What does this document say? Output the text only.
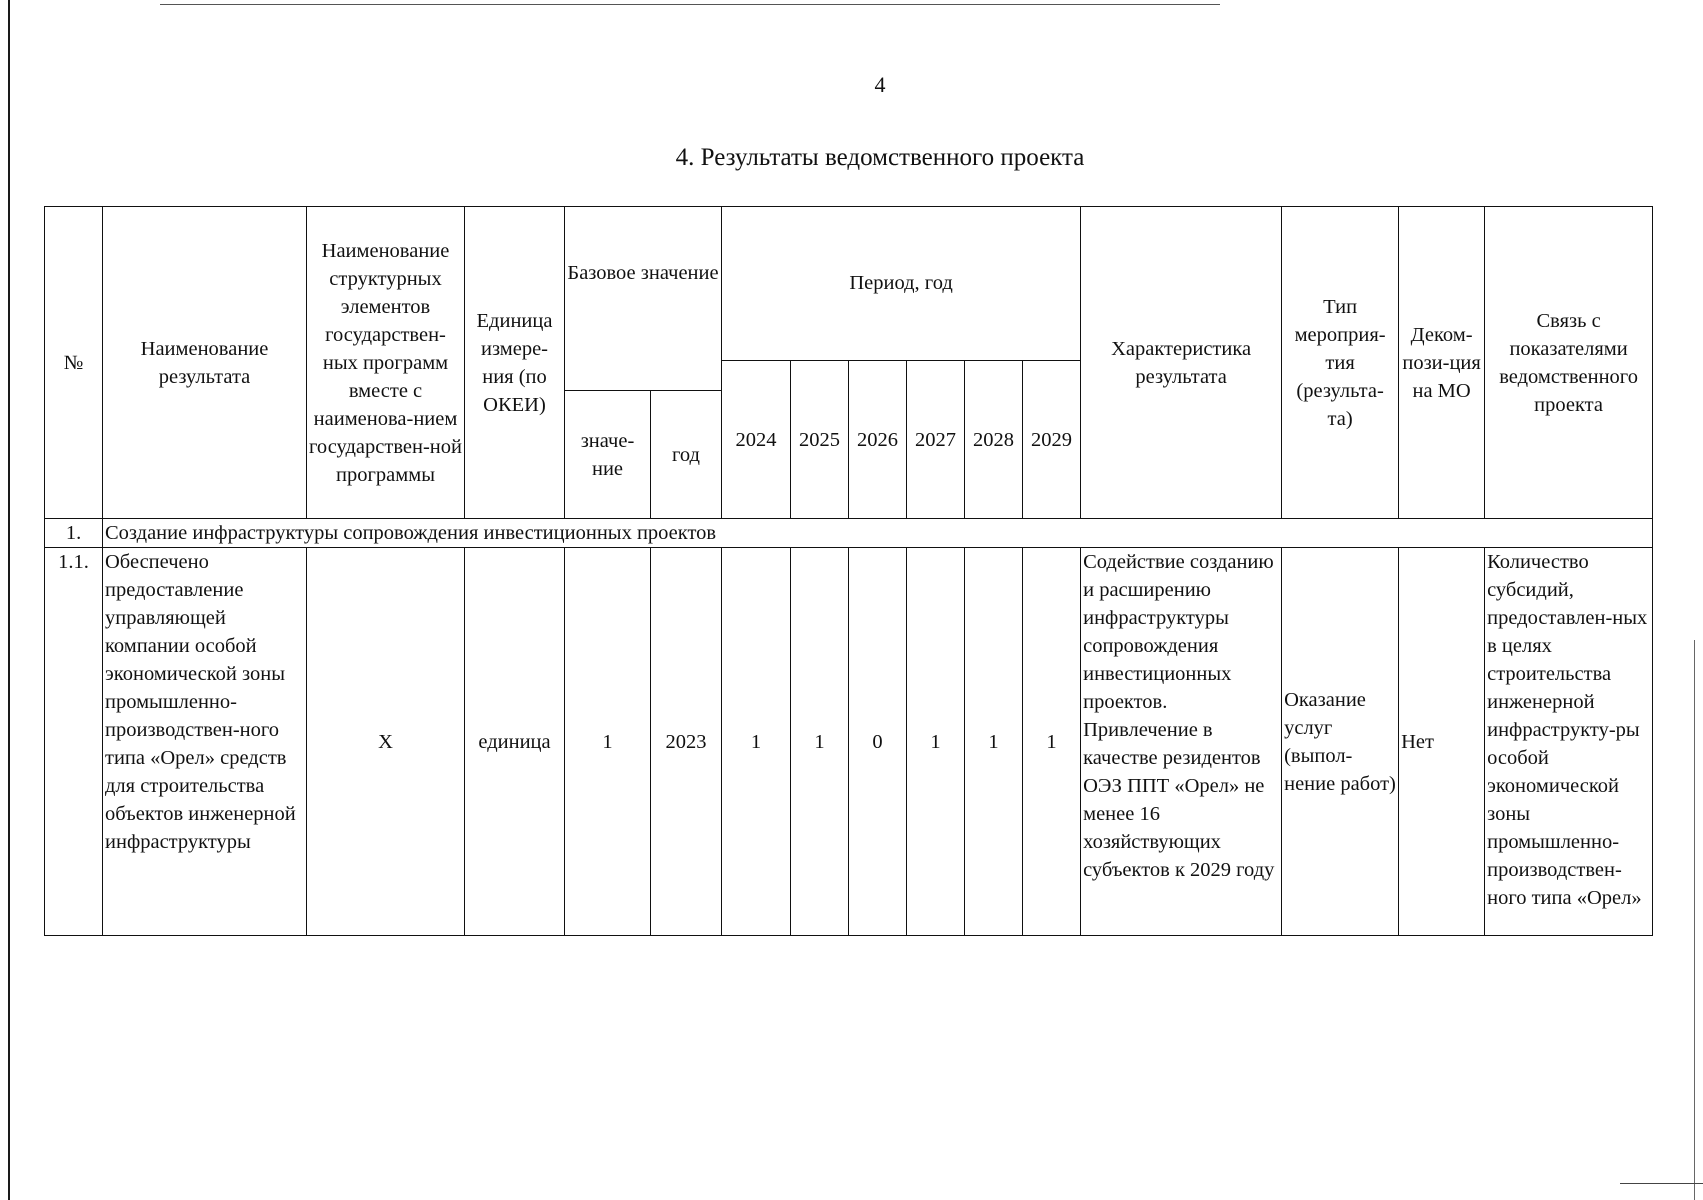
4
4. Результаты ведомственного проекта
№	Наименование результата	Наименование структурных элементов государствен-ных программ вместе с наименова-нием государствен-ной программы	Единица измере-ния (по ОКЕИ)	Базовое значение		Период, год						Характеристика результата	Тип мероприя-тия (результа-та)	Деком-пози-ция на МО	Связь с показателями ведомственного проекта
						2024	2025	2026	2027	2028	2029				
				значе-ние	год										
1.	Создание инфраструктуры сопровождения инвестиционных проектов														
1.1.	Обеспечено предоставление управляющей компании особой экономической зоны промышленно-производствен-ного типа «Орел» средств для строительства объектов инженерной инфраструктуры	X	единица	1	2023	1	1	0	1	1	1	Содействие созданию и расширению инфраструктуры сопровождения инвестиционных проектов. Привлечение в качестве резидентов ОЭЗ ППТ «Орел» не менее 16 хозяйствующих субъектов к 2029 году	Оказание услуг (выпол-нение работ)	Нет	Количество субсидий, предоставлен-ных в целях строительства инженерной инфраструкту-ры особой экономической зоны промышленно-производствен-ного типа «Орел»
